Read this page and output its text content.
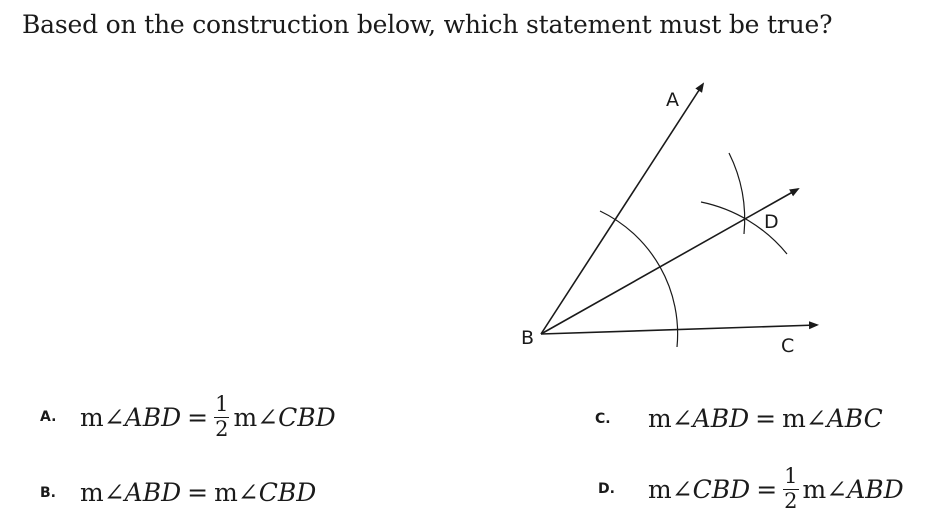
Based on the construction below, which statement must be true?
A
B	C
D
A. m∠ ABD = $\frac{1}{2}$ m∠ CBD
B. m∠ ABD = m∠ CBD
C.	m∠ ABD = m∠ ABC
D.	m∠ CBD = $\frac{1}{2}$ m∠ ABD
